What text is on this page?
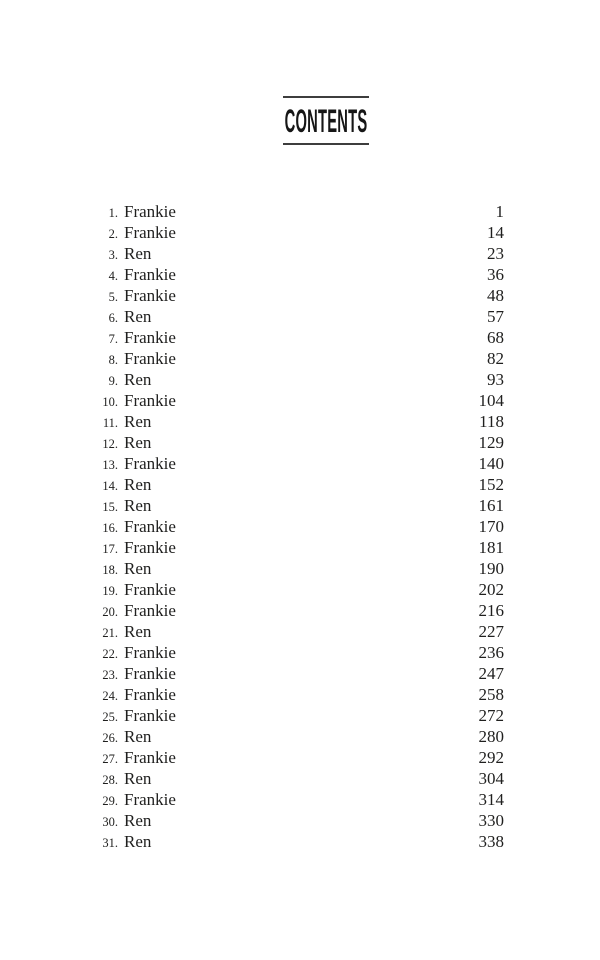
CONTENTS
1. Frankie	1
2. Frankie	14
3. Ren	23
4. Frankie	36
5. Frankie	48
6. Ren	57
7. Frankie	68
8. Frankie	82
9. Ren	93
10. Frankie	104
11. Ren	118
12. Ren	129
13. Frankie	140
14. Ren	152
15. Ren	161
16. Frankie	170
17. Frankie	181
18. Ren	190
19. Frankie	202
20. Frankie	216
21. Ren	227
22. Frankie	236
23. Frankie	247
24. Frankie	258
25. Frankie	272
26. Ren	280
27. Frankie	292
28. Ren	304
29. Frankie	314
30. Ren	330
31. Ren	338
